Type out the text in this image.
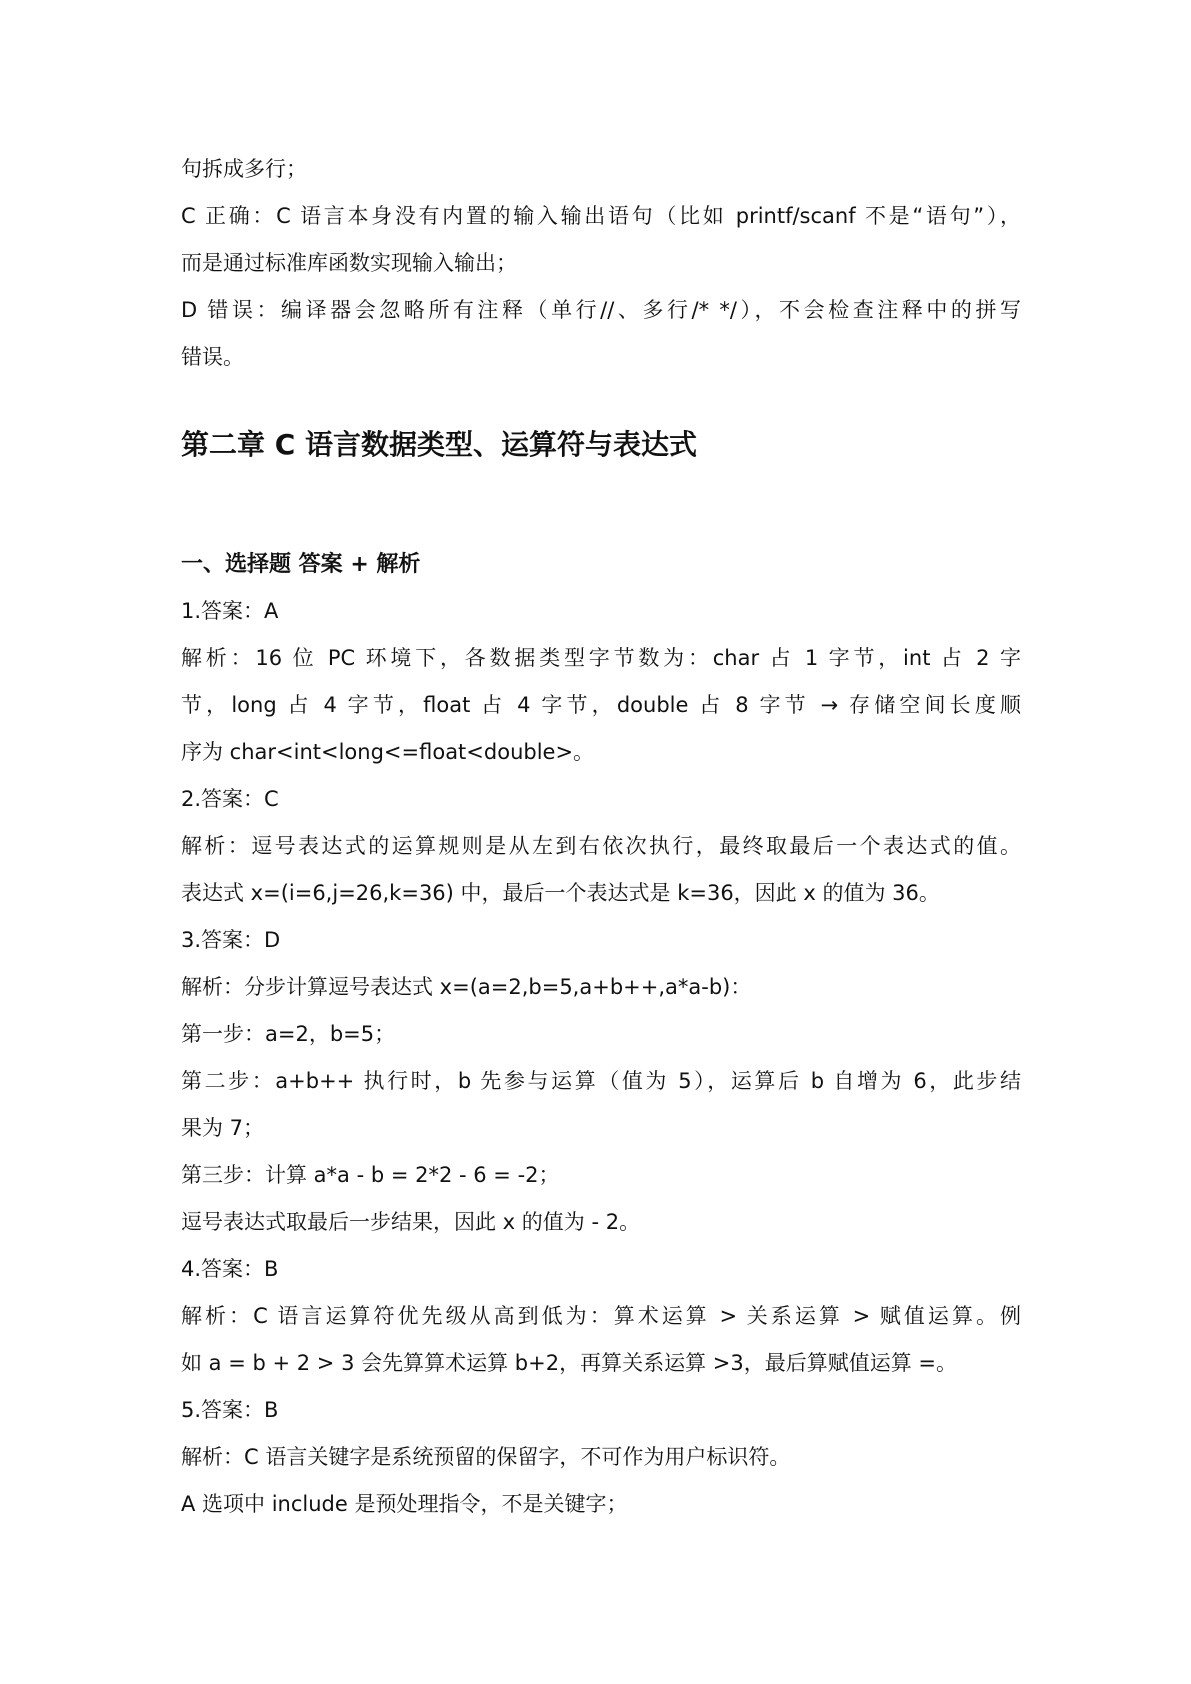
句拆成多行；
C 正确：C 语言本身没有内置的输入输出语句（比如 printf/scanf 不是“语句”），
而是通过标准库函数实现输入输出；
D 错误：编译器会忽略所有注释（单行//、多行/* */），不会检查注释中的拼写
错误。
第二章 C 语言数据类型、运算符与表达式
一、选择题 答案 + 解析
1.答案：A
解析：16 位 PC 环境下，各数据类型字节数为：char 占 1 字节，int 占 2 字
节，long 占 4 字节，float 占 4 字节，double 占 8 字节 → 存储空间长度顺
序为 char<int<long<=float<double>。
2.答案：C
解析：逗号表达式的运算规则是从左到右依次执行，最终取最后一个表达式的值。
表达式 x=(i=6,j=26,k=36) 中，最后一个表达式是 k=36，因此 x 的值为 36。
3.答案：D
解析：分步计算逗号表达式 x=(a=2,b=5,a+b++,a*a-b)：
第一步：a=2，b=5；
第二步：a+b++ 执行时，b 先参与运算（值为 5），运算后 b 自增为 6，此步结
果为 7；
第三步：计算 a*a - b = 2*2 - 6 = -2；
逗号表达式取最后一步结果，因此 x 的值为 - 2。
4.答案：B
解析：C 语言运算符优先级从高到低为：算术运算 > 关系运算 > 赋值运算。例
如 a = b + 2 > 3 会先算算术运算 b+2，再算关系运算 >3，最后算赋值运算 =。
5.答案：B
解析：C 语言关键字是系统预留的保留字，不可作为用户标识符。
A 选项中 include 是预处理指令，不是关键字；
